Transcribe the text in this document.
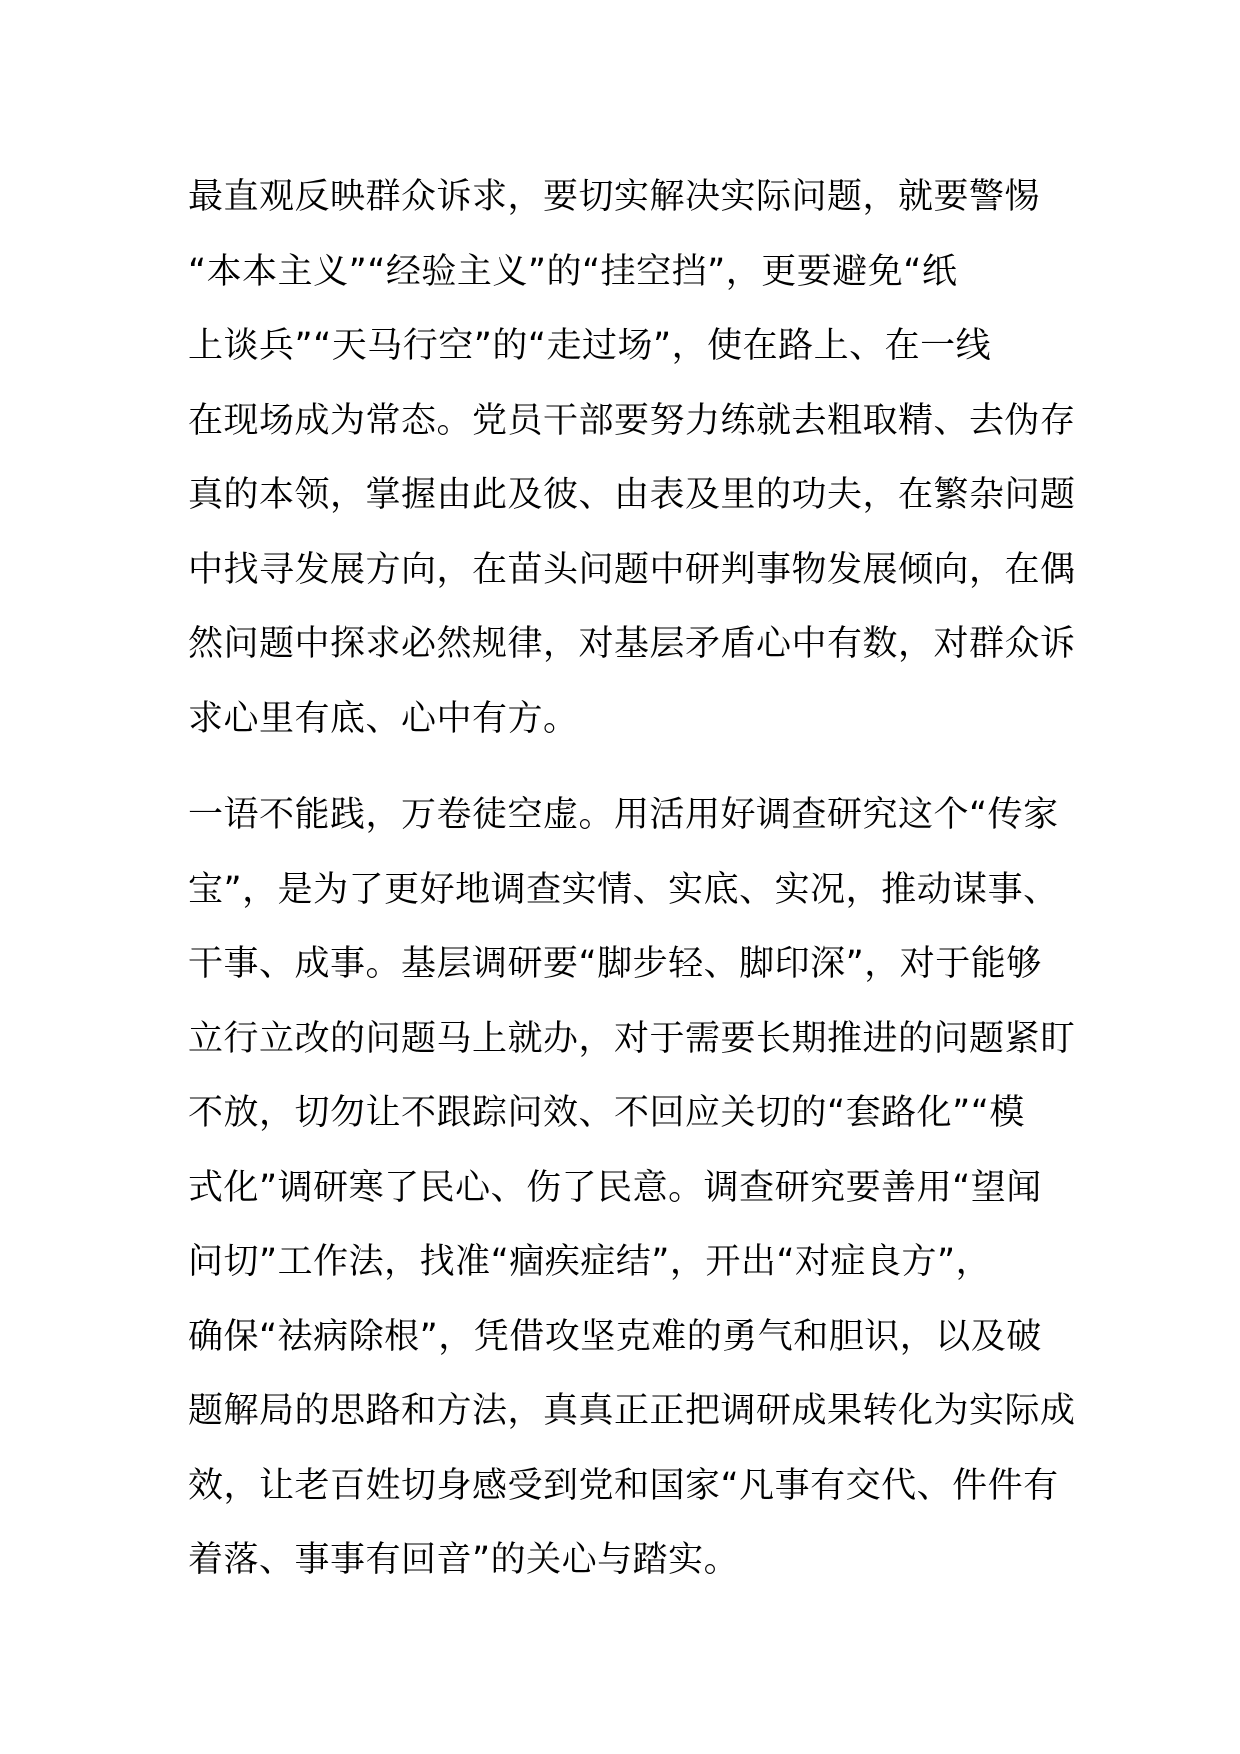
最直观反映群众诉求，要切实解决实际问题，就要警惕
“本本主义”“经验主义”的“挂空挡”，更要避免“纸
上谈兵”“天马行空”的“走过场”，使在路上、在一线
在现场成为常态。党员干部要努力练就去粗取精、去伪存
真的本领，掌握由此及彼、由表及里的功夫，在繁杂问题
中找寻发展方向，在苗头问题中研判事物发展倾向，在偶
然问题中探求必然规律，对基层矛盾心中有数，对群众诉
求心里有底、心中有方。
一语不能践，万卷徒空虚。用活用好调查研究这个“传家
宝”，是为了更好地调查实情、实底、实况，推动谋事、
干事、成事。基层调研要“脚步轻、脚印深”，对于能够
立行立改的问题马上就办，对于需要长期推进的问题紧盯
不放，切勿让不跟踪问效、不回应关切的“套路化”“模
式化”调研寒了民心、伤了民意。调查研究要善用“望闻
问切”工作法，找准“痼疾症结”，开出“对症良方”，
确保“祛病除根”，凭借攻坚克难的勇气和胆识，以及破
题解局的思路和方法，真真正正把调研成果转化为实际成
效，让老百姓切身感受到党和国家“凡事有交代、件件有
着落、事事有回音”的关心与踏实。
